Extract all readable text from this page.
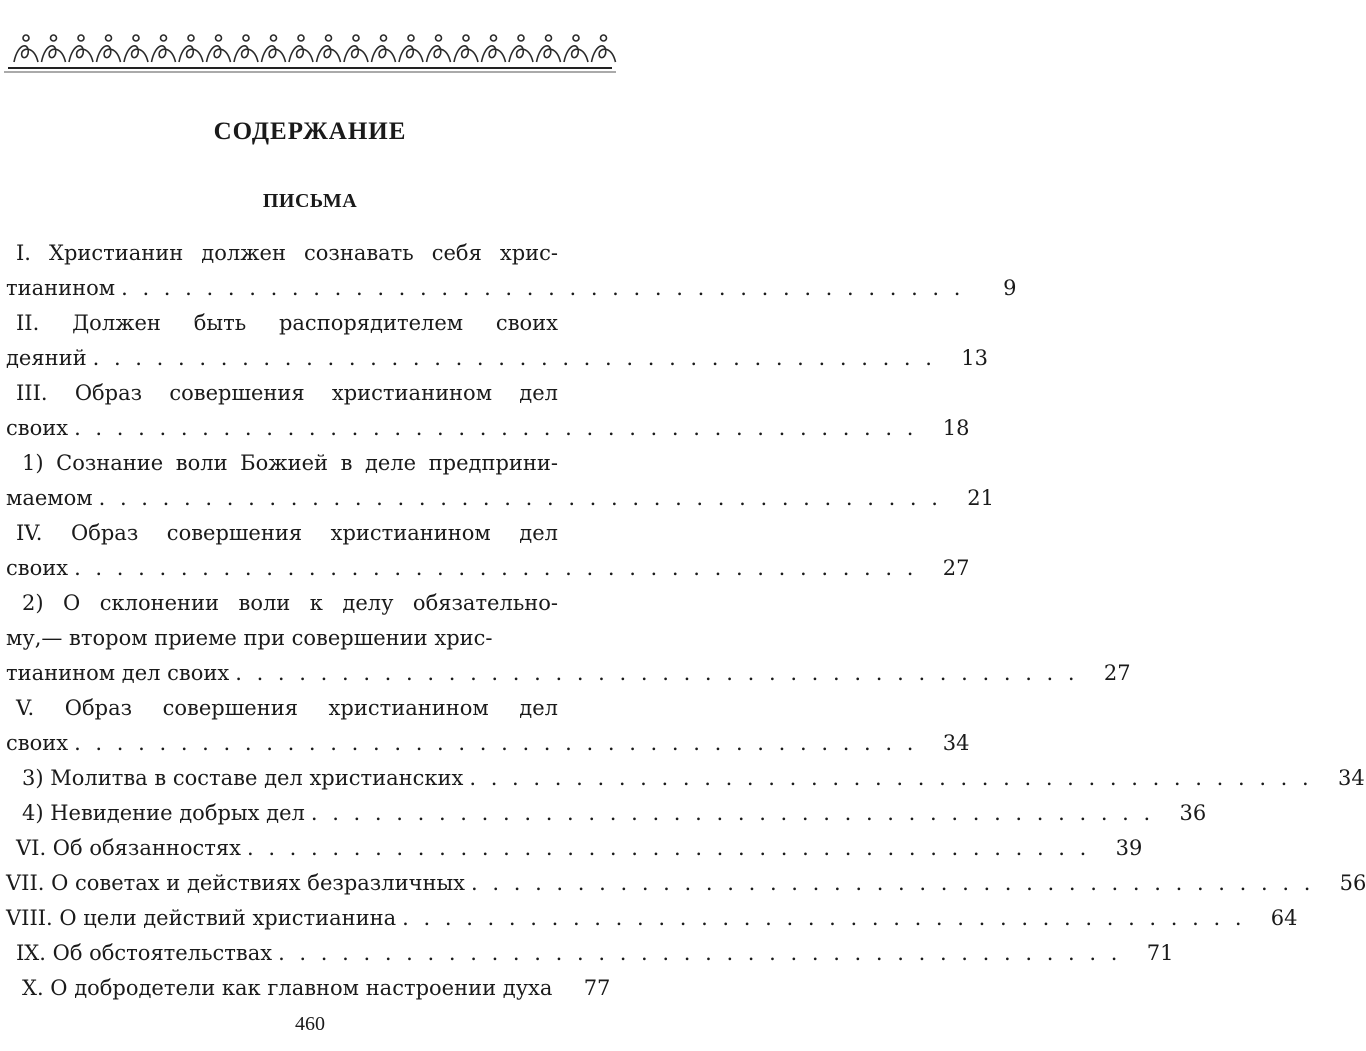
СОДЕРЖАНИЕ
ПИСЬМА
I. Христианин должен сознавать себя хрис-
тианином . . . . . . . . . . . . . . . . . . . . . . . . . . . . . . . . . . . . . . . .	9
II. Должен быть распорядителем своих
деяний . . . . . . . . . . . . . . . . . . . . . . . . . . . . . . . . . . . . . . . .	13
III. Образ совершения христианином дел
своих . . . . . . . . . . . . . . . . . . . . . . . . . . . . . . . . . . . . . . . .	18
1) Сознание воли Божией в деле предприни-
маемом . . . . . . . . . . . . . . . . . . . . . . . . . . . . . . . . . . . . . . . .	21
IV. Образ совершения христианином дел
своих . . . . . . . . . . . . . . . . . . . . . . . . . . . . . . . . . . . . . . . .	27
2) О склонении воли к делу обязательно-
му,— втором приеме при совершении хрис-
тианином дел своих . . . . . . . . . . . . . . . . . . . . . . . . . . . . . . . . . . . . . . . .	27
V. Образ совершения христианином дел
своих . . . . . . . . . . . . . . . . . . . . . . . . . . . . . . . . . . . . . . . .	34
3) Молитва в составе дел христианских . . . . . . . . . . . . . . . . . . . . . . . . . . . . . . . . . . . . . . . .	34
4) Невидение добрых дел . . . . . . . . . . . . . . . . . . . . . . . . . . . . . . . . . . . . . . . .	36
VI. Об обязанностях . . . . . . . . . . . . . . . . . . . . . . . . . . . . . . . . . . . . . . . .	39
VII. О советах и действиях безразличных . . . . . . . . . . . . . . . . . . . . . . . . . . . . . . . . . . . . . . . .	56
VIII. О цели действий христианина . . . . . . . . . . . . . . . . . . . . . . . . . . . . . . . . . . . . . . . .	64
IX. Об обстоятельствах . . . . . . . . . . . . . . . . . . . . . . . . . . . . . . . . . . . . . . . .	71
X. О добродетели как главном настроении духа	77
460
